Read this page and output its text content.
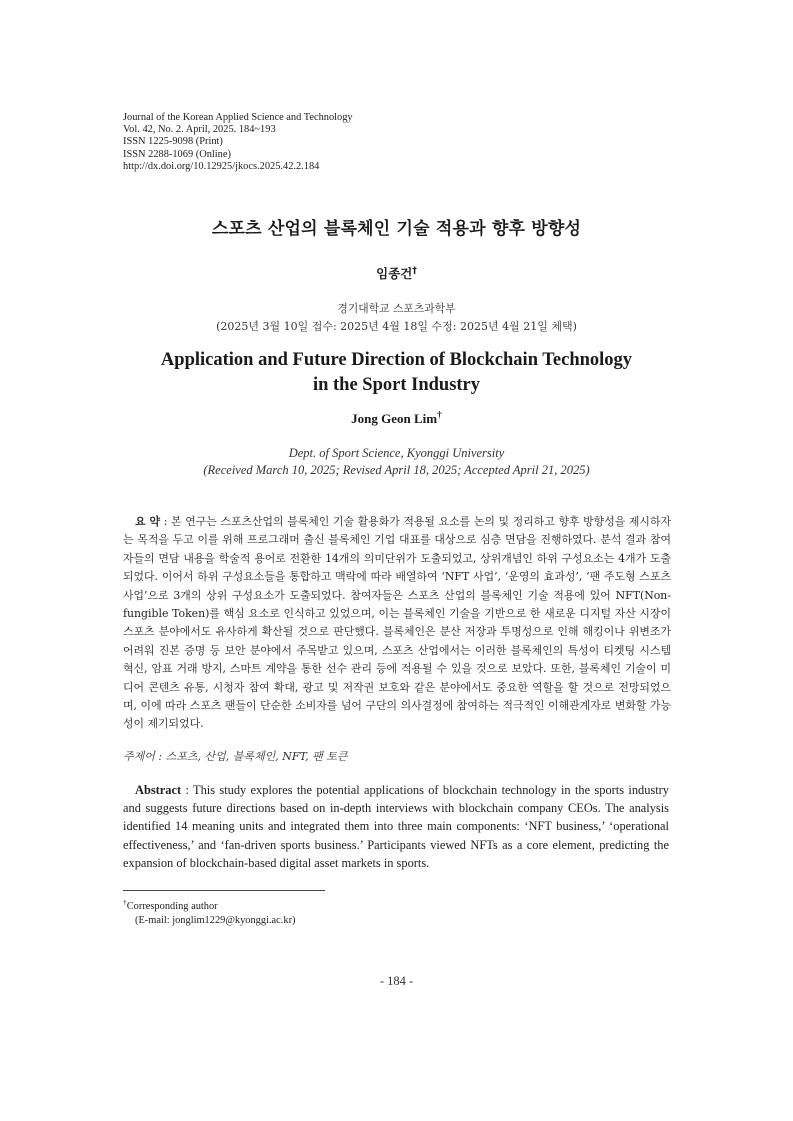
Journal of the Korean Applied Science and Technology
Vol. 42, No. 2. April, 2025. 184~193
ISSN 1225-9098 (Print)
ISSN 2288-1069 (Online)
http://dx.doi.org/10.12925/jkocs.2025.42.2.184
스포츠 산업의 블록체인 기술 적용과 향후 방향성
임종건†
경기대학교 스포츠과학부
(2025년 3월 10일 접수: 2025년 4월 18일 수정: 2025년 4월 21일 체택)
Application and Future Direction of Blockchain Technology
in the Sport Industry
Jong Geon Lim†
Dept. of Sport Science, Kyonggi University
(Received March 10, 2025; Revised April 18, 2025; Accepted April 21, 2025)
요 약 : 본 연구는 스포츠산업의 블록체인 기술 활용화가 적용될 요소를 논의 및 정리하고 향후 방향성을 제시하자는 목적을 두고 이를 위해 프로그래머 출신 블록체인 기업 대표를 대상으로 심층 면담을 진행하였다. 분석 결과 참여자들의 면담 내용을 학술적 용어로 전환한 14개의 의미단위가 도출되었고, 상위개념인 하위 구성요소는 4개가 도출되었다. 이어서 하위 구성요소들을 통합하고 맥락에 따라 배열하여 ‘NFT 사업’, ‘운영의 효과성’, ‘팬 주도형 스포츠 사업’으로 3개의 상위 구성요소가 도출되었다. 참여자들은 스포츠 산업의 블록체인 기술 적용에 있어 NFT(Non-fungible Token)를 핵심 요소로 인식하고 있었으며, 이는 블록체인 기술을 기반으로 한 새로운 디지털 자산 시장이 스포츠 분야에서도 유사하게 확산될 것으로 판단했다. 블록체인은 분산 저장과 투명성으로 인해 해킹이나 위변조가 어려워 진본 증명 등 보안 분야에서 주목받고 있으며, 스포츠 산업에서는 이러한 블록체인의 특성이 티켓팅 시스템 혁신, 암표 거래 방지, 스마트 계약을 통한 선수 관리 등에 적용될 수 있을 것으로 보았다. 또한, 블록체인 기술이 미디어 콘텐츠 유통, 시청자 참여 확대, 광고 및 저작권 보호와 같은 분야에서도 중요한 역할을 할 것으로 전망되었으며, 이에 따라 스포츠 팬들이 단순한 소비자를 넘어 구단의 의사결정에 참여하는 적극적인 이해관계자로 변화할 가능성이 제기되었다.
주제어 : 스포츠, 산업, 블록체인, NFT, 팬 토큰
Abstract : This study explores the potential applications of blockchain technology in the sports industry and suggests future directions based on in-depth interviews with blockchain company CEOs. The analysis identified 14 meaning units and integrated them into three main components: ‘NFT business,’ ‘operational effectiveness,’ and ‘fan-driven sports business.’ Participants viewed NFTs as a core element, predicting the expansion of blockchain-based digital asset markets in sports.
†Corresponding author
(E-mail: jonglim1229@kyonggi.ac.kr)
- 184 -
